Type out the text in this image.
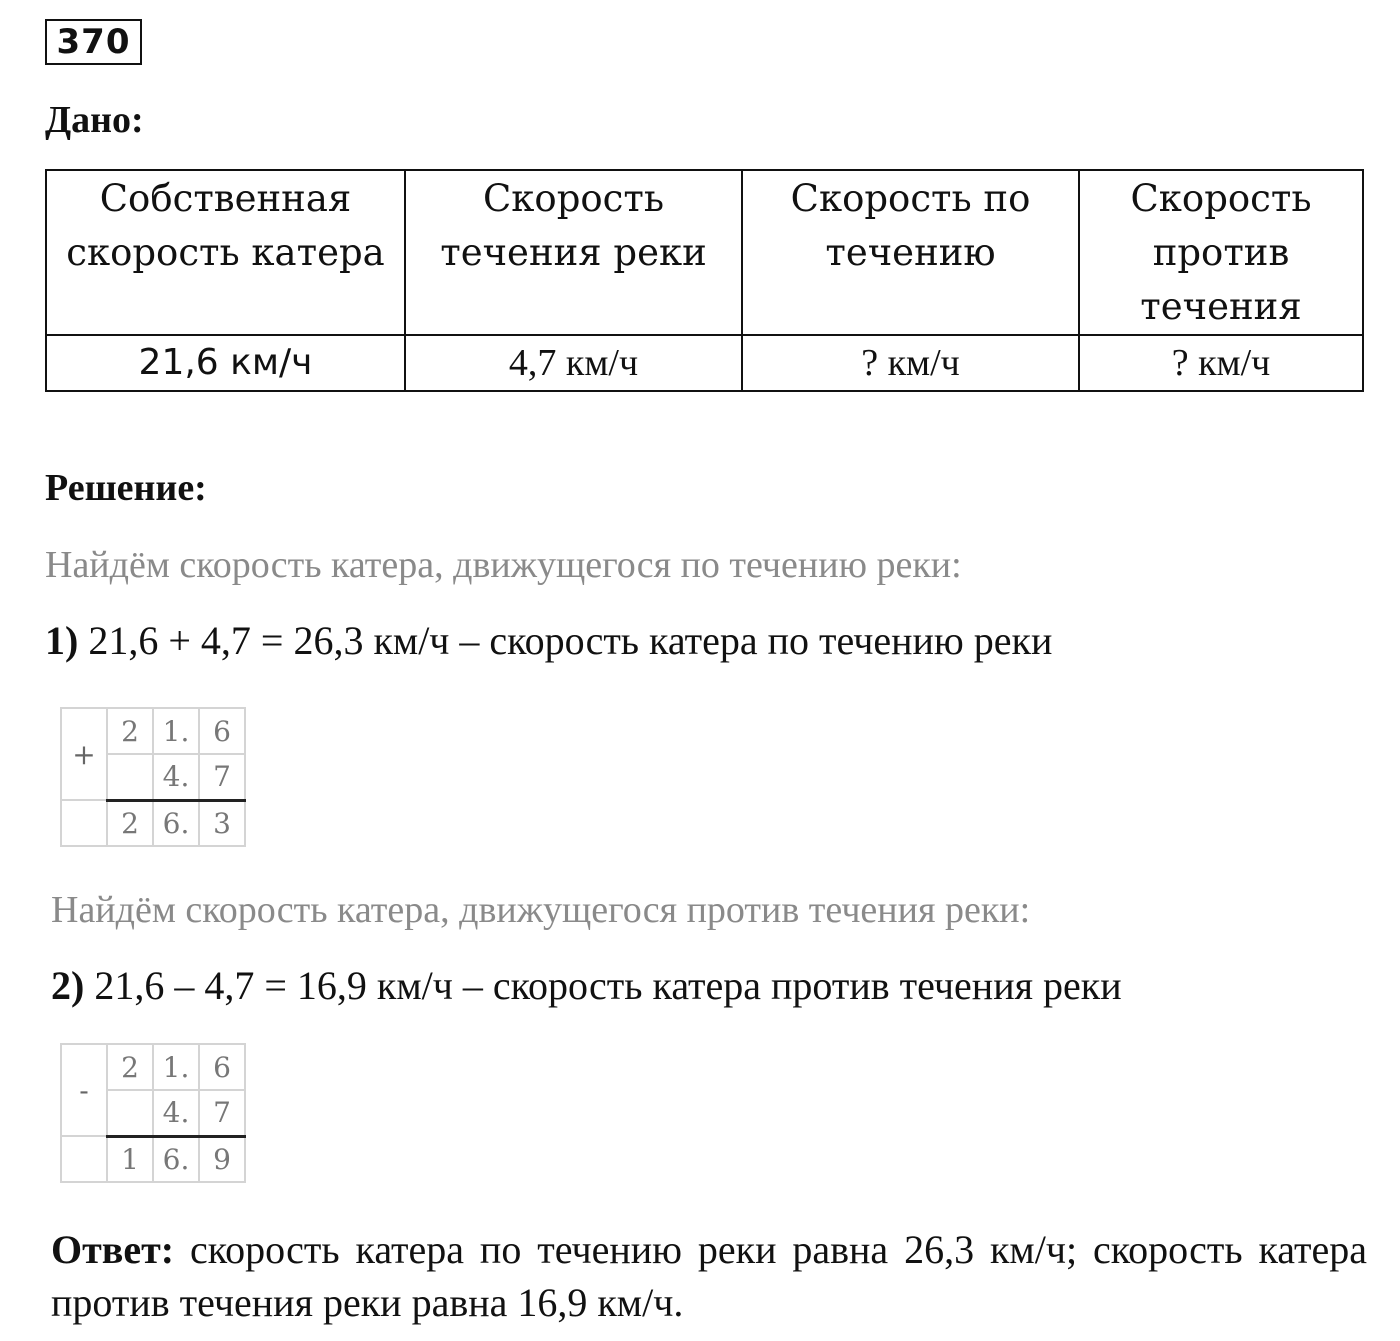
370
Дано:
Собственная скорость катера	Скорость течения реки	Скорость по течению	Скорость против течения
21,6 км/ч	4,7 км/ч	? км/ч	? км/ч
Решение:
Найдём скорость катера, движущегося по течению реки:
1) 21,6 + 4,7 = 26,3 км/ч – скорость катера по течению реки
+	2	1.	6
		4.	7
	2	6.	3
Найдём скорость катера, движущегося против течения реки:
2) 21,6 – 4,7 = 16,9 км/ч – скорость катера против течения реки
-	2	1.	6
		4.	7
	1	6.	9
Ответ: скорость катера по течению реки равна 26,3 км/ч; скорость катера против течения реки равна 16,9 км/ч.
